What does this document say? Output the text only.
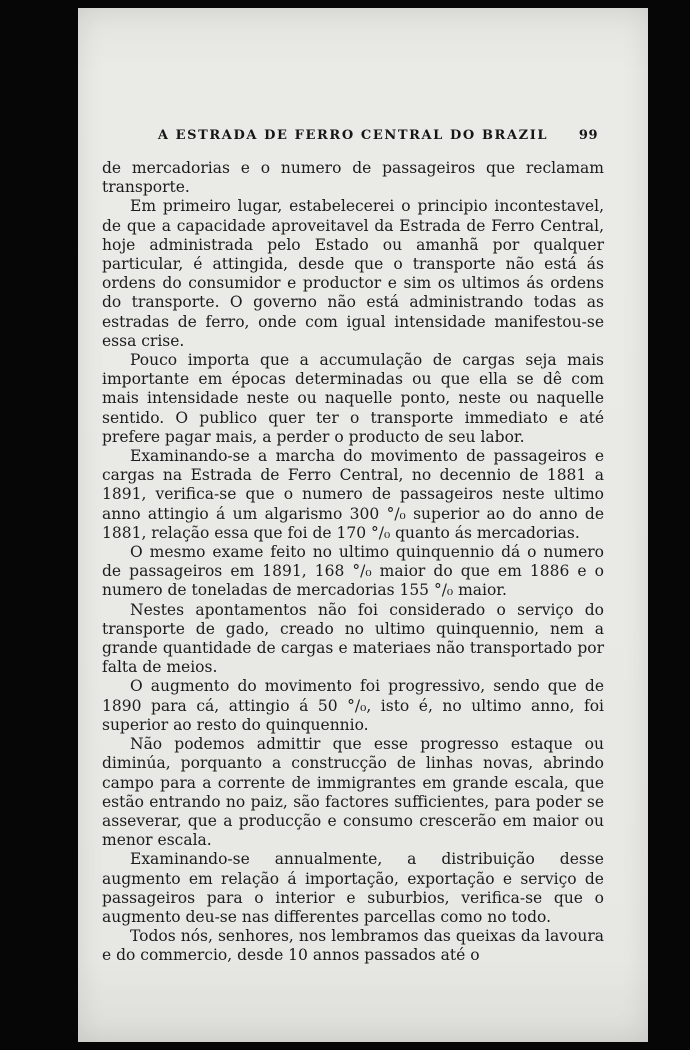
A ESTRADA DE FERRO CENTRAL DO BRAZIL 99

de mercadorias e o numero de passageiros que reclamam transporte.

Em primeiro lugar, estabelecerei o principio incontestavel, de que a capacidade aproveitavel da Estrada de Ferro Central, hoje administrada pelo Estado ou amanhã por qualquer particular, é attingida, desde que o transporte não está ás ordens do consumidor e productor e sim os ultimos ás ordens do transporte. O governo não está administrando todas as estradas de ferro, onde com igual intensidade manifestou-se essa crise.

Pouco importa que a accumulação de cargas seja mais importante em épocas determinadas ou que ella se dê com mais intensidade neste ou naquelle ponto, neste ou naquelle sentido. O publico quer ter o transporte immediato e até prefere pagar mais, a perder o producto de seu labor.

Examinando-se a marcha do movimento de passageiros e cargas na Estrada de Ferro Central, no decennio de 1881 a 1891, verifica-se que o numero de passageiros neste ultimo anno attingio á um algarismo 300 °/₀ superior ao do anno de 1881, relação essa que foi de 170 °/₀ quanto ás mercadorias.

O mesmo exame feito no ultimo quinquennio dá o numero de passageiros em 1891, 168 °/₀ maior do que em 1886 e o numero de toneladas de mercadorias 155 °/₀ maior.

Nestes apontamentos não foi considerado o serviço do transporte de gado, creado no ultimo quinquennio, nem a grande quantidade de cargas e materiaes não transportado por falta de meios.

O augmento do movimento foi progressivo, sendo que de 1890 para cá, attingio á 50 °/₀, isto é, no ultimo anno, foi superior ao resto do quinquennio.

Não podemos admittir que esse progresso estaque ou diminúa, porquanto a construcção de linhas novas, abrindo campo para a corrente de immigrantes em grande escala, que estão entrando no paiz, são factores sufficientes, para poder se asseverar, que a producção e consumo crescerão em maior ou menor escala.

Examinando-se annualmente, a distribuição desse augmento em relação á importação, exportação e serviço de passageiros para o interior e suburbios, verifica-se que o augmento deu-se nas differentes parcellas como no todo.

Todos nós, senhores, nos lembramos das queixas da lavoura e do commercio, desde 10 annos passados até o
